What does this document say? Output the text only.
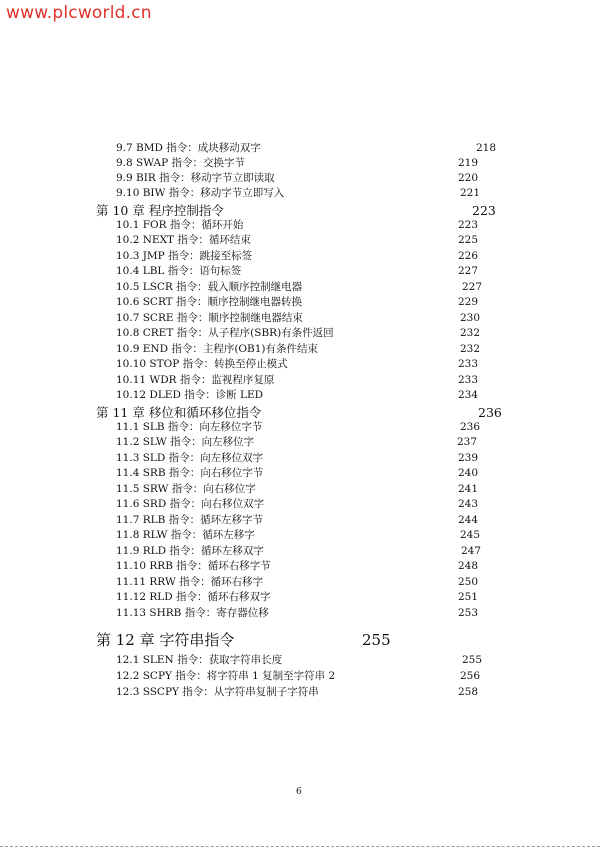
www.plcworld.cn
9.7 BMD 指令：成块移动双字	218
9.8 SWAP 指令：交换字节	219
9.9 BIR 指令：移动字节立即读取	220
9.10 BIW 指令：移动字节立即写入	221
第 10 章 程序控制指令	223
10.1 FOR 指令：循环开始	223
10.2 NEXT 指令：循环结束	225
10.3 JMP 指令：跳接至标签	226
10.4 LBL 指令：语句标签	227
10.5 LSCR 指令：载入顺序控制继电器	227
10.6 SCRT 指令：顺序控制继电器转换	229
10.7 SCRE 指令：顺序控制继电器结束	230
10.8 CRET 指令：从子程序(SBR)有条件返回	232
10.9 END 指令：主程序(OB1)有条件结束	232
10.10 STOP 指令：转换至停止模式	233
10.11 WDR 指令：监视程序复原	233
10.12 DLED 指令：诊断 LED	234
第 11 章 移位和循环移位指令	236
11.1 SLB 指令：向左移位字节	236
11.2 SLW 指令：向左移位字	237
11.3 SLD 指令：向左移位双字	239
11.4 SRB 指令：向右移位字节	240
11.5 SRW 指令：向右移位字	241
11.6 SRD 指令：向右移位双字	243
11.7 RLB 指令：循环左移字节	244
11.8 RLW 指令：循环左移字	245
11.9 RLD 指令：循环左移双字	247
11.10 RRB 指令：循环右移字节	248
11.11 RRW 指令：循环右移字	250
11.12 RLD 指令：循环右移双字	251
11.13 SHRB 指令：寄存器位移	253
第 12 章 字符串指令	255
12.1 SLEN 指令：获取字符串长度	255
12.2 SCPY 指令：将字符串 1 复制至字符串 2	256
12.3 SSCPY 指令：从字符串复制子字符串	258
6
